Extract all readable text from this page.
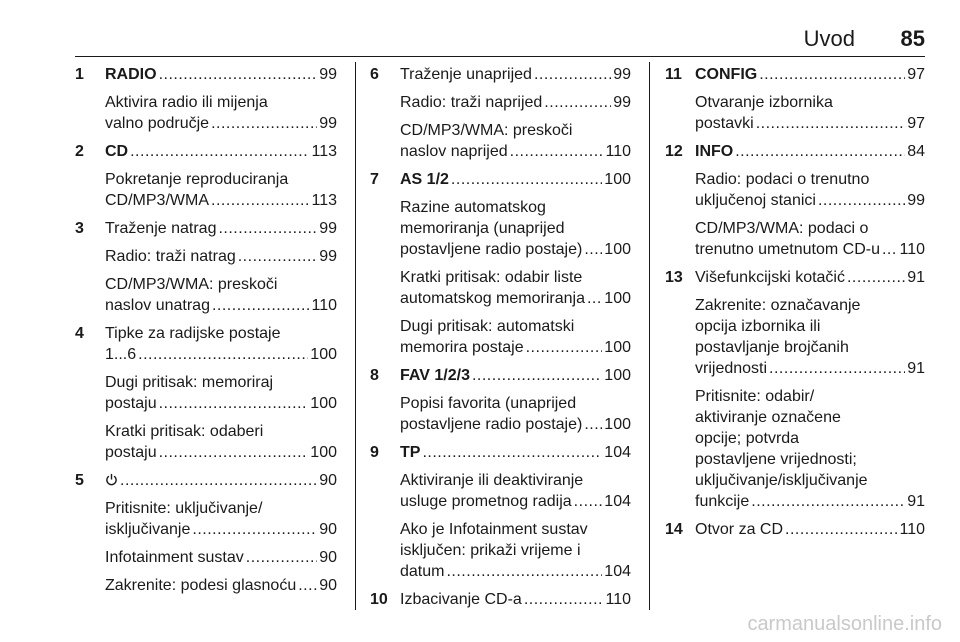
Uvod 85
1 RADIO .....	99
Aktivira radio ili mijenja
valno područje .....	99
2 CD .....	113
Pokretanje reproduciranja
CD/MP3/WMA .....	113
3 Traženje natrag .....	99
Radio: traži natrag .....	99
CD/MP3/WMA: preskoči
naslov unatrag .....	110
4 Tipke za radijske postaje
1...6 .....	100
Dugi pritisak: memoriraj
postaju .....	100
Kratki pritisak: odaberi
postaju .....	100
5 .....	90
Pritisnite: uključivanje/
isključivanje .....	90
Infotainment sustav .....	90
Zakrenite: podesi glasnoću ..... 90
6 Traženje unaprijed .....	99
Radio: traži naprijed .....	99
CD/MP3/WMA: preskoči
naslov naprijed .....	110
7 AS 1/2 .....	100
Razine automatskog
memoriranja (unaprijed
postavljene radio postaje) ..... 100
Kratki pritisak: odabir liste
automatskog memoriranja ..... 100
Dugi pritisak: automatski
memorira postaje .....	100
8 FAV 1/2/3 .....	100
Popisi favorita (unaprijed
postavljene radio postaje) ..... 100
9 TP .....	104
Aktiviranje ili deaktiviranje
usluge prometnog radija ..... 104
Ako je Infotainment sustav
isključen: prikaži vrijeme i
datum .....	104
10 Izbacivanje CD-a .....	110
11 CONFIG .....	97
Otvaranje izbornika
postavki .....	97
12 INFO .....	84
Radio: podaci o trenutno
uključenoj stanici .....	99
CD/MP3/WMA: podaci o
trenutno umetnutom CD-u ..... 110
13 Višefunkcijski kotačić .....	91
Zakrenite: označavanje
opcija izbornika ili
postavljanje brojčanih
vrijednosti .....	91
Pritisnite: odabir/
aktiviranje označene
opcije; potvrda
postavljene vrijednosti;
uključivanje/isključivanje
funkcije .....	91
14 Otvor za CD .....	110
carmanualsonline.info
